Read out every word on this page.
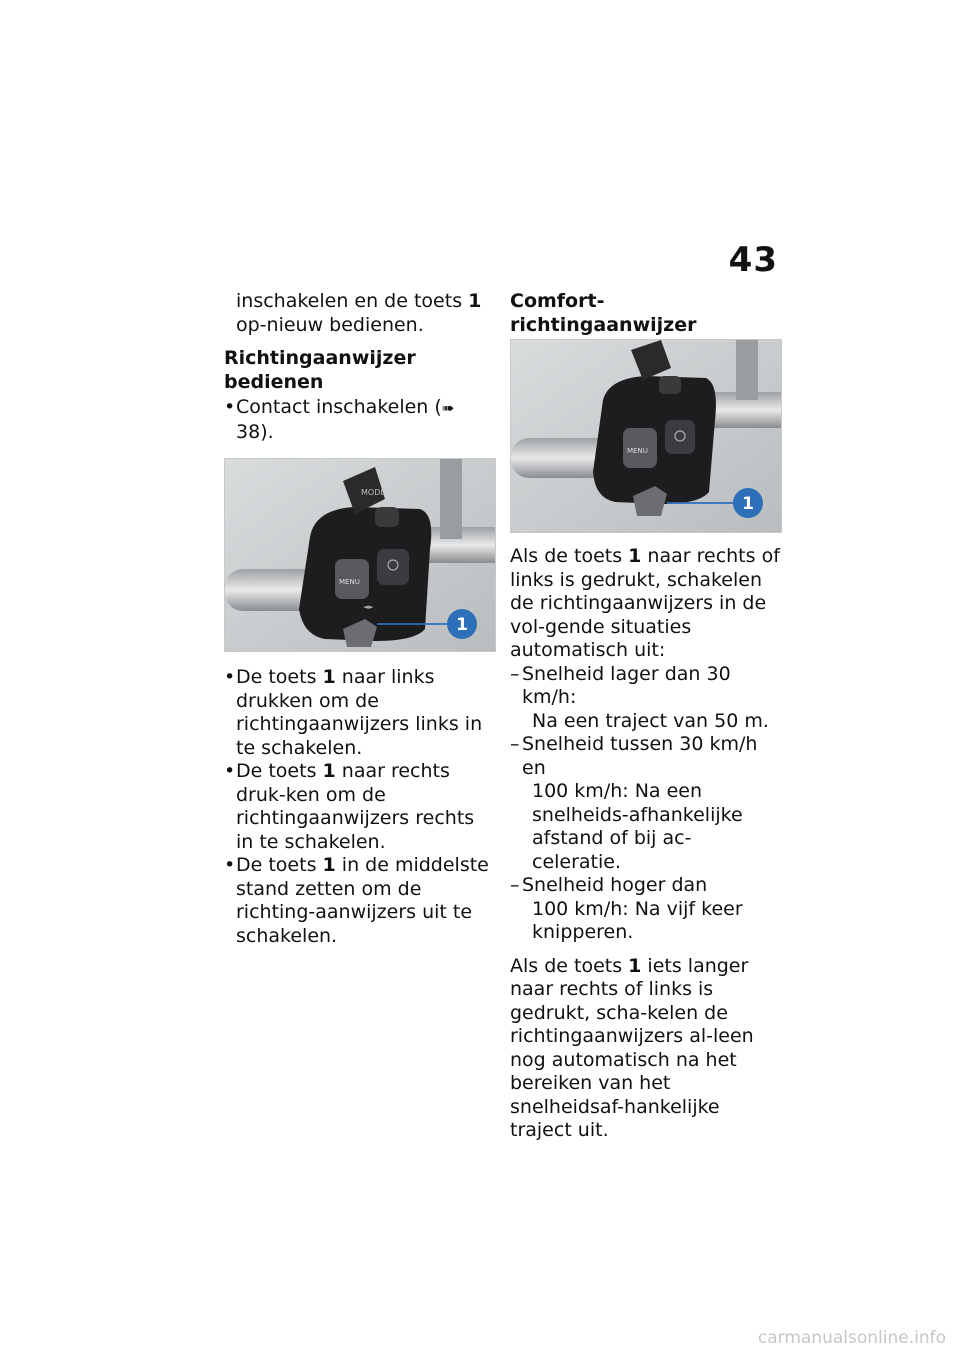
43

inschakelen en de toets 1 op-nieuw bedienen.

Richtingaanwijzer bedienen
• Contact inschakelen (➠ 38).
MODE
MENU
◄►
1
• De toets 1 naar links drukken om de richtingaanwijzers links in te schakelen.
• De toets 1 naar rechts druk-ken om de richtingaanwijzers rechts in te schakelen.
• De toets 1 in de middelste stand zetten om de richting-aanwijzers uit te schakelen.
Comfort-richtingaanwijzer
MENU
1

Als de toets 1 naar rechts of links is gedrukt, schakelen de richtingaanwijzers in de vol-gende situaties automatisch uit:

– Snelheid lager dan 30 km/h:
Na een traject van 50 m.
– Snelheid tussen 30 km/h en
100 km/h: Na een snelheids-afhankelijke afstand of bij ac-celeratie.
– Snelheid hoger dan
100 km/h: Na vijf keer knipperen.

Als de toets 1 iets langer naar rechts of links is gedrukt, scha-kelen de richtingaanwijzers al-leen nog automatisch na het bereiken van het snelheidsaf-hankelijke traject uit.

carmanualsonline.info
